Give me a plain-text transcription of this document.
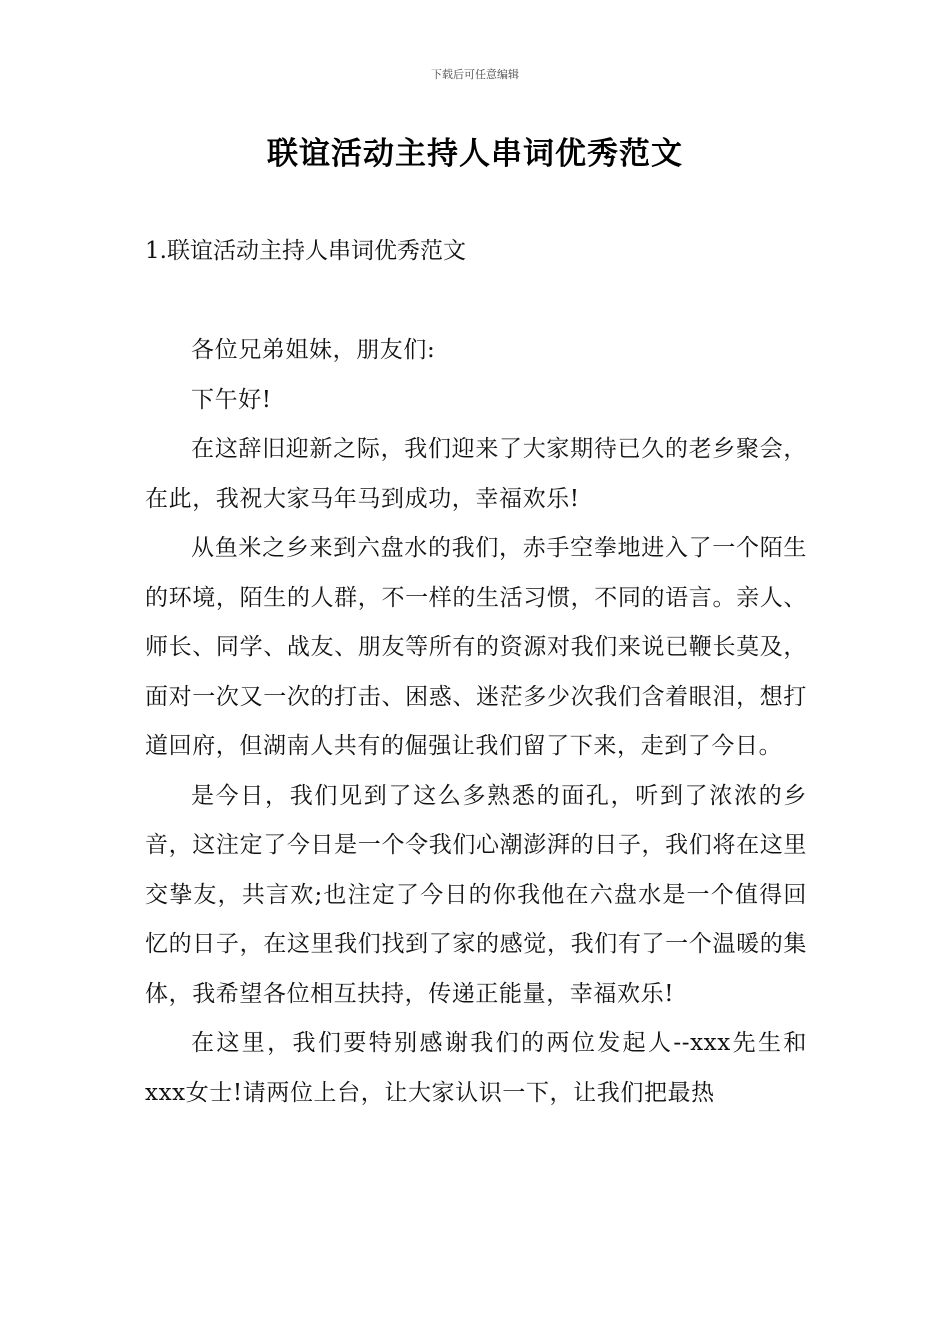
下载后可任意编辑
联谊活动主持人串词优秀范文
1.联谊活动主持人串词优秀范文

各位兄弟姐妹，朋友们:

下午好!

在这辞旧迎新之际，我们迎来了大家期待已久的老乡聚会，在此，我祝大家马年马到成功，幸福欢乐!

从鱼米之乡来到六盘水的我们，赤手空拳地进入了一个陌生的环境，陌生的人群，不一样的生活习惯，不同的语言。亲人、师长、同学、战友、朋友等所有的资源对我们来说已鞭长莫及，面对一次又一次的打击、困惑、迷茫多少次我们含着眼泪，想打道回府，但湖南人共有的倔强让我们留了下来，走到了今日。

是今日，我们见到了这么多熟悉的面孔，听到了浓浓的乡音，这注定了今日是一个令我们心潮澎湃的日子，我们将在这里交挚友，共言欢;也注定了今日的你我他在六盘水是一个值得回忆的日子，在这里我们找到了家的感觉，我们有了一个温暖的集体，我希望各位相互扶持，传递正能量，幸福欢乐!

在这里，我们要特别感谢我们的两位发起人--xxx先生和xxx女士!请两位上台，让大家认识一下，让我们把最热
